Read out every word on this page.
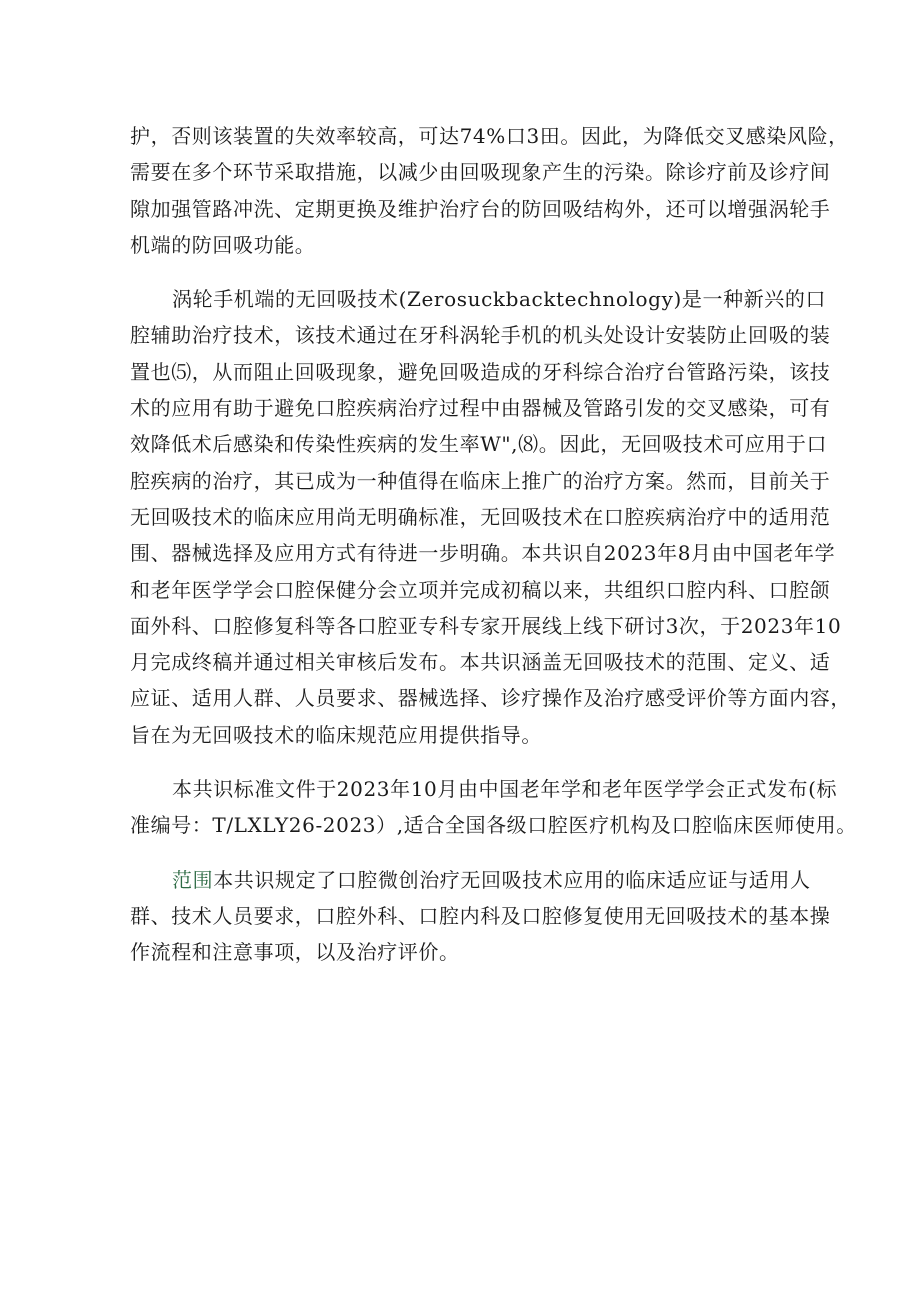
护，否则该装置的失效率较高，可达74%口3田。因此，为降低交叉感染风险，
需要在多个环节采取措施，以减少由回吸现象产生的污染。除诊疗前及诊疗间
隙加强管路冲洗、定期更换及维护治疗台的防回吸结构外，还可以增强涡轮手
机端的防回吸功能。
涡轮手机端的无回吸技术(Zerosuckbacktechnology)是一种新兴的口
腔辅助治疗技术，该技术通过在牙科涡轮手机的机头处设计安装防止回吸的装
置也⑸，从而阻止回吸现象，避免回吸造成的牙科综合治疗台管路污染，该技
术的应用有助于避免口腔疾病治疗过程中由器械及管路引发的交叉感染，可有
效降低术后感染和传染性疾病的发生率W",⑻。因此，无回吸技术可应用于口
腔疾病的治疗，其已成为一种值得在临床上推广的治疗方案。然而，目前关于
无回吸技术的临床应用尚无明确标准，无回吸技术在口腔疾病治疗中的适用范
围、器械选择及应用方式有待进一步明确。本共识自2023年8月由中国老年学
和老年医学学会口腔保健分会立项并完成初稿以来，共组织口腔内科、口腔颌
面外科、口腔修复科等各口腔亚专科专家开展线上线下研讨3次，于2023年10
月完成终稿并通过相关审核后发布。本共识涵盖无回吸技术的范围、定义、适
应证、适用人群、人员要求、器械选择、诊疗操作及治疗感受评价等方面内容，
旨在为无回吸技术的临床规范应用提供指导。
本共识标准文件于2023年10月由中国老年学和老年医学学会正式发布(标
准编号：T/LXLY26-2023）,适合全国各级口腔医疗机构及口腔临床医师使用。
范围本共识规定了口腔微创治疗无回吸技术应用的临床适应证与适用人
群、技术人员要求，口腔外科、口腔内科及口腔修复使用无回吸技术的基本操
作流程和注意事项，以及治疗评价。
